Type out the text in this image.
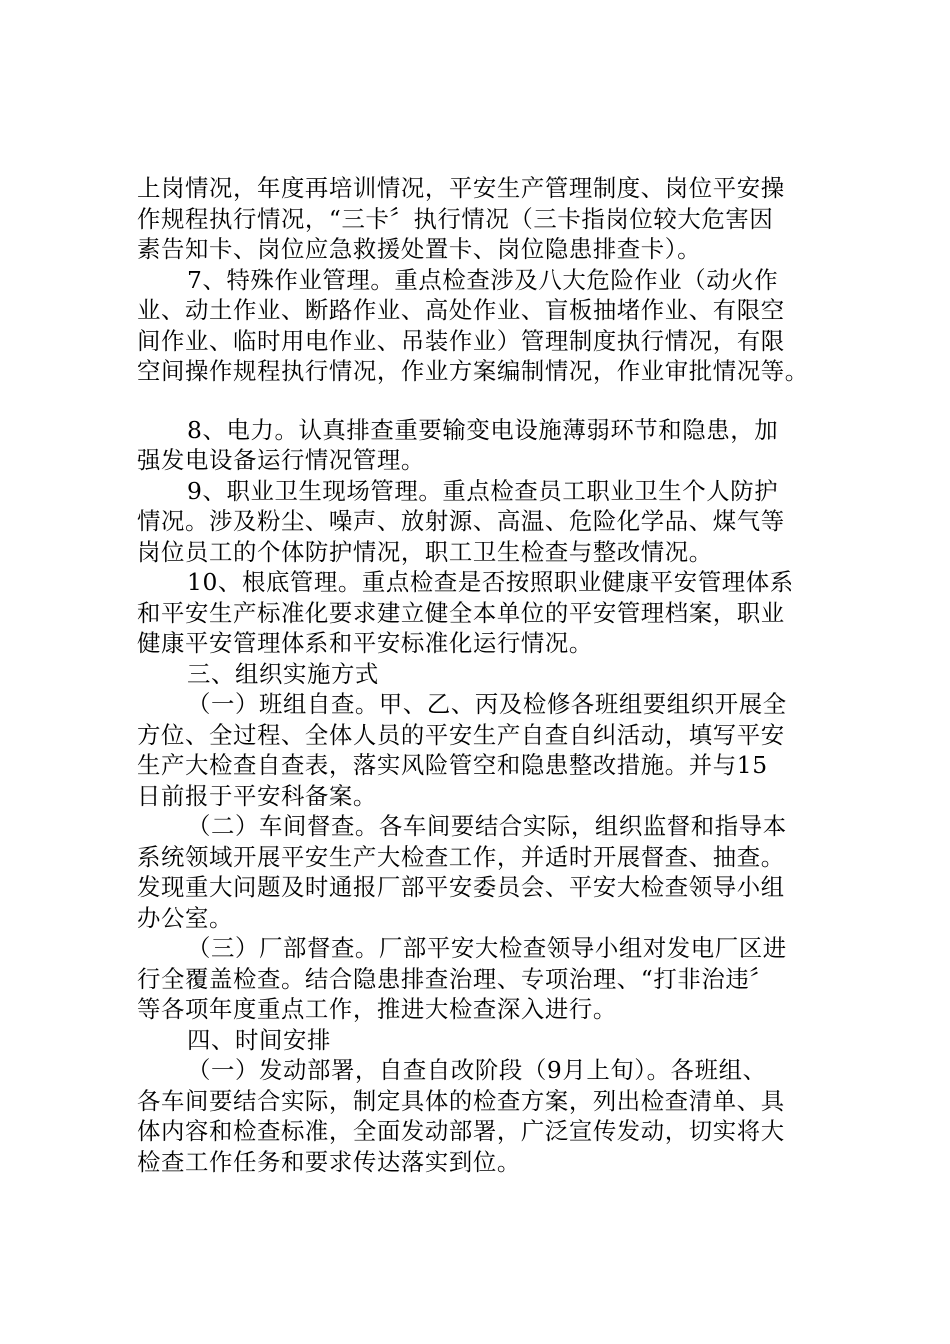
上岗情况，年度再培训情况，平安生产管理制度、岗位平安操
作规程执行情况，“三卡〞执行情况（三卡指岗位较大危害因
素告知卡、岗位应急救援处置卡、岗位隐患排查卡）。
7、特殊作业管理。重点检查涉及八大危险作业（动火作
业、动土作业、断路作业、高处作业、盲板抽堵作业、有限空
间作业、临时用电作业、吊装作业）管理制度执行情况，有限
空间操作规程执行情况，作业方案编制情况，作业审批情况等。
8、电力。认真排查重要输变电设施薄弱环节和隐患，加
强发电设备运行情况管理。
9、职业卫生现场管理。重点检查员工职业卫生个人防护
情况。涉及粉尘、噪声、放射源、高温、危险化学品、煤气等
岗位员工的个体防护情况，职工卫生检查与整改情况。
10、根底管理。重点检查是否按照职业健康平安管理体系
和平安生产标准化要求建立健全本单位的平安管理档案，职业
健康平安管理体系和平安标准化运行情况。
三、组织实施方式
（一）班组自查。甲、乙、丙及检修各班组要组织开展全
方位、全过程、全体人员的平安生产自查自纠活动，填写平安
生产大检查自查表，落实风险管空和隐患整改措施。并与15
日前报于平安科备案。
（二）车间督查。各车间要结合实际，组织监督和指导本
系统领域开展平安生产大检查工作，并适时开展督查、抽查。
发现重大问题及时通报厂部平安委员会、平安大检查领导小组
办公室。
（三）厂部督查。厂部平安大检查领导小组对发电厂区进
行全覆盖检查。结合隐患排查治理、专项治理、“打非治违〞
等各项年度重点工作，推进大检查深入进行。
四、时间安排
（一）发动部署，自查自改阶段（9月上旬）。各班组、
各车间要结合实际，制定具体的检查方案，列出检查清单、具
体内容和检查标准，全面发动部署，广泛宣传发动，切实将大
检查工作任务和要求传达落实到位。
